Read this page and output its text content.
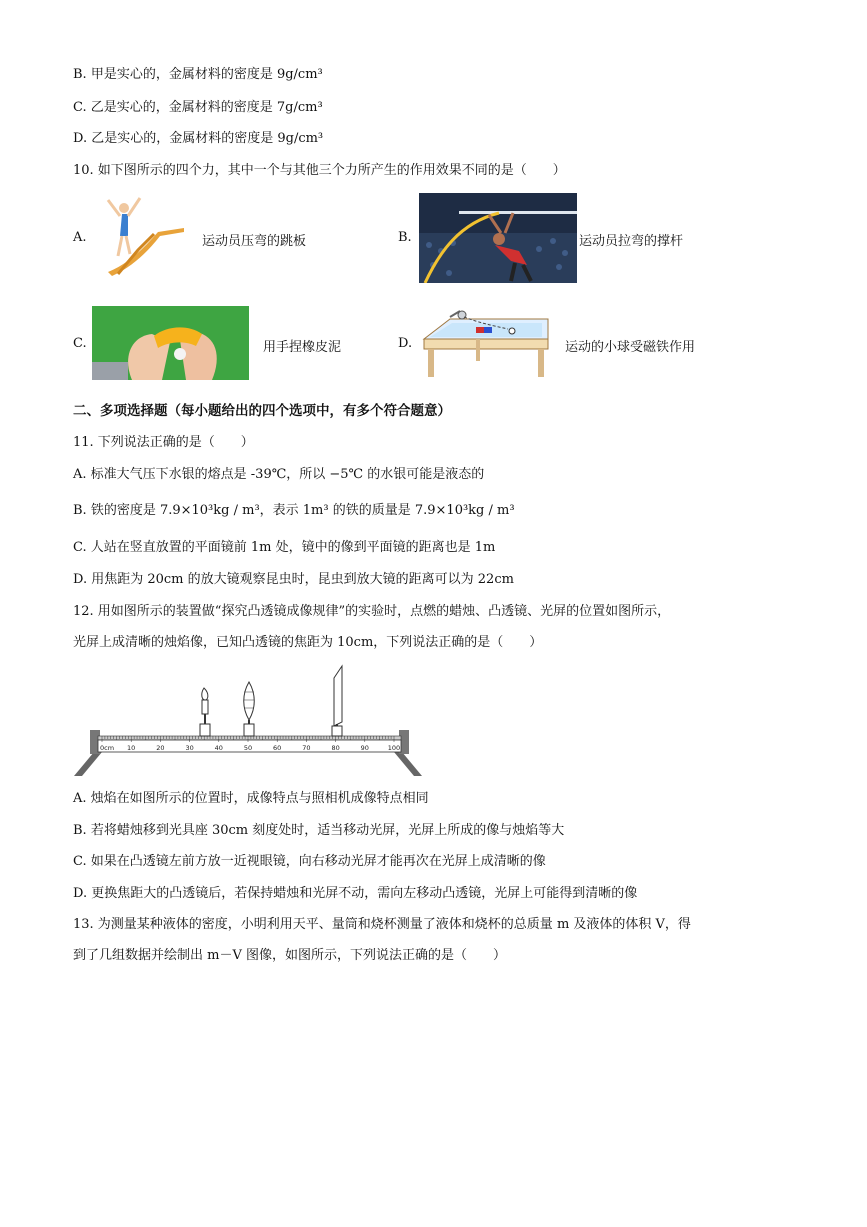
B. 甲是实心的，金属材料的密度是 9g/cm³
C. 乙是实心的，金属材料的密度是 7g/cm³
D. 乙是实心的，金属材料的密度是 9g/cm³
10. 如下图所示的四个力，其中一个与其他三个力所产生的作用效果不同的是（　　）
A.	运动员压弯的跳板	B.	运动员拉弯的撑杆
C.	用手捏橡皮泥	D.	运动的小球受磁铁作用
二、多项选择题（每小题给出的四个选项中，有多个符合题意）
11. 下列说法正确的是（　　）
A. 标准大气压下水银的熔点是 -39℃，所以 −5℃ 的水银可能是液态的
B. 铁的密度是 7.9×10³kg / m³，表示 1m³ 的铁的质量是 7.9×10³kg / m³
C. 人站在竖直放置的平面镜前 1m 处，镜中的像到平面镜的距离也是 1m
D. 用焦距为 20cm 的放大镜观察昆虫时，昆虫到放大镜的距离可以为 22cm
12. 用如图所示的装置做“探究凸透镜成像规律”的实验时，点燃的蜡烛、凸透镜、光屏的位置如图所示，
光屏上成清晰的烛焰像，已知凸透镜的焦距为 10cm，下列说法正确的是（　　）
0cm 10	20	30	40	50	60	70	80	90	100
A. 烛焰在如图所示的位置时，成像特点与照相机成像特点相同
B. 若将蜡烛移到光具座 30cm 刻度处时，适当移动光屏，光屏上所成的像与烛焰等大
C. 如果在凸透镜左前方放一近视眼镜，向右移动光屏才能再次在光屏上成清晰的像
D. 更换焦距大的凸透镜后，若保持蜡烛和光屏不动，需向左移动凸透镜，光屏上可能得到清晰的像
13. 为测量某种液体的密度，小明利用天平、量筒和烧杯测量了液体和烧杯的总质量 m 及液体的体积 V，得
到了几组数据并绘制出 m－V 图像，如图所示，下列说法正确的是（　　）
